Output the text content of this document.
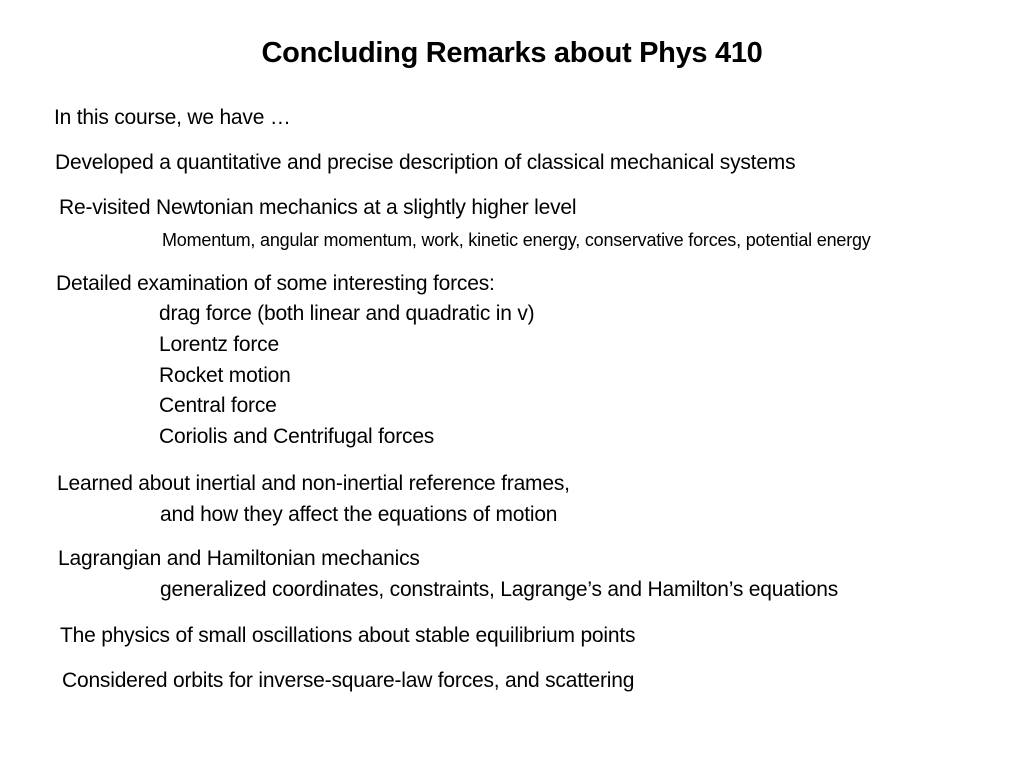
Concluding Remarks about Phys 410
In this course, we have …
Developed a quantitative and precise description of classical mechanical systems
Re-visited Newtonian mechanics at a slightly higher level
Momentum, angular momentum, work, kinetic energy, conservative forces, potential energy
Detailed examination of some interesting forces:
drag force (both linear and quadratic in v)
Lorentz force
Rocket motion
Central force
Coriolis and Centrifugal forces
Learned about inertial and non-inertial reference frames,
and how they affect the equations of motion
Lagrangian and Hamiltonian mechanics
generalized coordinates, constraints, Lagrange’s and Hamilton’s equations
The physics of small oscillations about stable equilibrium points
Considered orbits for inverse-square-law forces, and scattering
